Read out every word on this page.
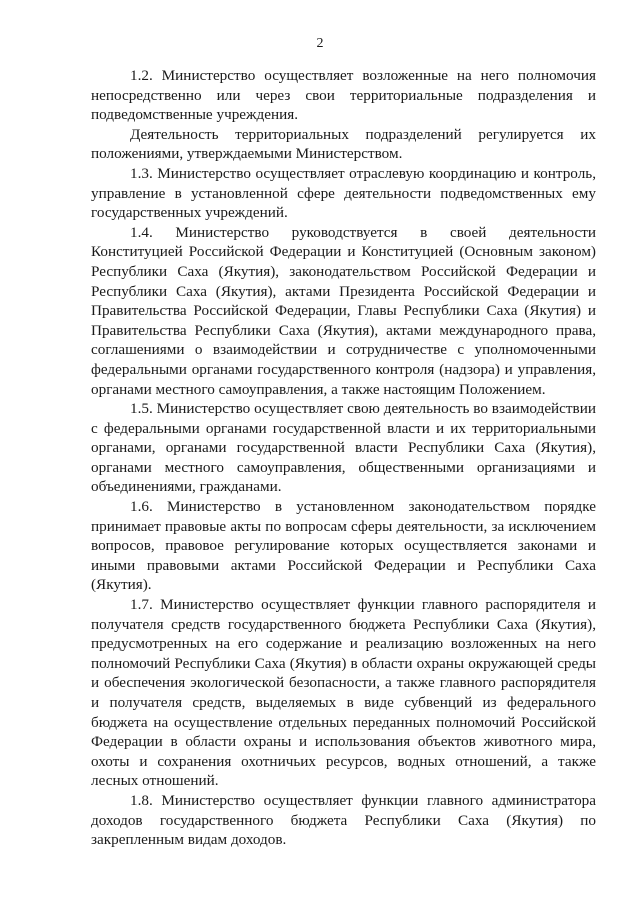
2

1.2. Министерство осуществляет возложенные на него полномочия непосредственно или через свои территориальные подразделения и подведомственные учреждения.

Деятельность территориальных подразделений регулируется их положениями, утверждаемыми Министерством.

1.3. Министерство осуществляет отраслевую координацию и контроль, управление в установленной сфере деятельности подведомственных ему государственных учреждений.

1.4. Министерство руководствуется в своей деятельности Конституцией Российской Федерации и Конституцией (Основным законом) Республики Саха (Якутия), законодательством Российской Федерации и Республики Саха (Якутия), актами Президента Российской Федерации и Правительства Российской Федерации, Главы Республики Саха (Якутия) и Правительства Республики Саха (Якутия), актами международного права, соглашениями о взаимодействии и сотрудничестве с уполномоченными федеральными органами государственного контроля (надзора) и управления, органами местного самоуправления, а также настоящим Положением.

1.5. Министерство осуществляет свою деятельность во взаимодействии с федеральными органами государственной власти и их территориальными органами, органами государственной власти Республики Саха (Якутия), органами местного самоуправления, общественными организациями и объединениями, гражданами.

1.6. Министерство в установленном законодательством порядке принимает правовые акты по вопросам сферы деятельности, за исключением вопросов, правовое регулирование которых осуществляется законами и иными правовыми актами Российской Федерации и Республики Саха (Якутия).

1.7. Министерство осуществляет функции главного распорядителя и получателя средств государственного бюджета Республики Саха (Якутия), предусмотренных на его содержание и реализацию возложенных на него полномочий Республики Саха (Якутия) в области охраны окружающей среды и обеспечения экологической безопасности, а также главного распорядителя и получателя средств, выделяемых в виде субвенций из федерального бюджета на осуществление отдельных переданных полномочий Российской Федерации в области охраны и использования объектов животного мира, охоты и сохранения охотничьих ресурсов, водных отношений, а также лесных отношений.

1.8. Министерство осуществляет функции главного администратора доходов государственного бюджета Республики Саха (Якутия) по закрепленным видам доходов.
